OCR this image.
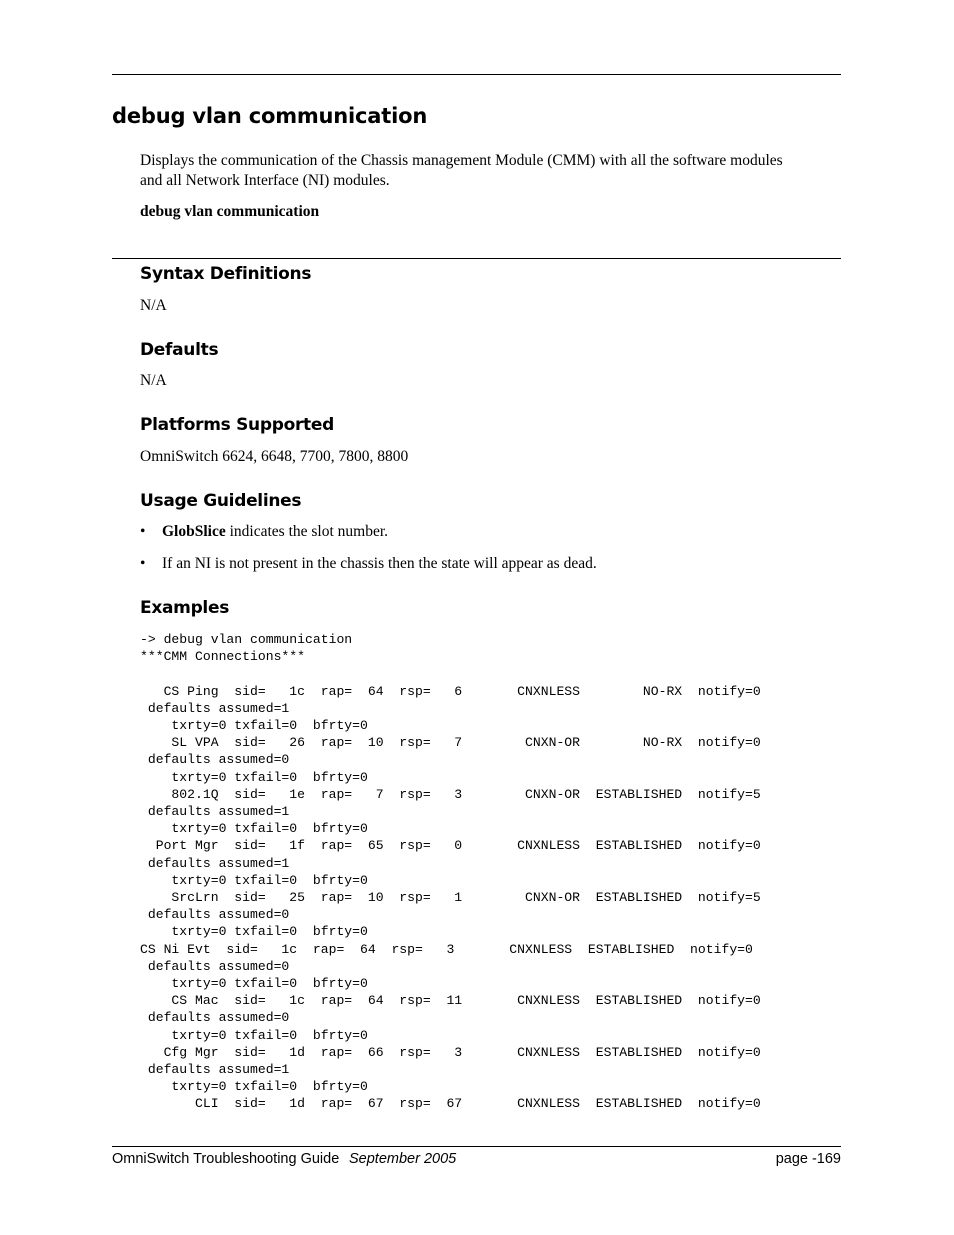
debug vlan communication
Displays the communication of the Chassis management Module (CMM) with all the software modules
and all Network Interface (NI) modules.
debug vlan communication
Syntax Definitions
N/A
Defaults
N/A
Platforms Supported
OmniSwitch 6624, 6648, 7700, 7800, 8800
Usage Guidelines
• GlobSlice indicates the slot number.
• If an NI is not present in the chassis then the state will appear as dead.
Examples
-> debug vlan communication
***CMM Connections***

CS Ping  sid=   1c  rap=  64  rsp=   6       CNXNLESS        NO-RX  notify=0
defaults assumed=1
txrty=0 txfail=0  bfrty=0
SL VPA  sid=   26  rap=  10  rsp=   7        CNXN-OR        NO-RX  notify=0
defaults assumed=0
txrty=0 txfail=0  bfrty=0
802.1Q  sid=   1e  rap=   7  rsp=   3        CNXN-OR  ESTABLISHED  notify=5
defaults assumed=1
txrty=0 txfail=0  bfrty=0
Port Mgr  sid=   1f  rap=  65  rsp=   0       CNXNLESS  ESTABLISHED  notify=0
defaults assumed=1
txrty=0 txfail=0  bfrty=0
SrcLrn  sid=   25  rap=  10  rsp=   1        CNXN-OR  ESTABLISHED  notify=5
defaults assumed=0
txrty=0 txfail=0  bfrty=0
CS Ni Evt  sid=   1c  rap=  64  rsp=   3       CNXNLESS  ESTABLISHED  notify=0
defaults assumed=0
txrty=0 txfail=0  bfrty=0
CS Mac  sid=   1c  rap=  64  rsp=  11       CNXNLESS  ESTABLISHED  notify=0
defaults assumed=0
txrty=0 txfail=0  bfrty=0
Cfg Mgr  sid=   1d  rap=  66  rsp=   3       CNXNLESS  ESTABLISHED  notify=0
defaults assumed=1
txrty=0 txfail=0  bfrty=0
CLI  sid=   1d  rap=  67  rsp=  67       CNXNLESS  ESTABLISHED  notify=0
OmniSwitch Troubleshooting Guide September 2005	page -169
